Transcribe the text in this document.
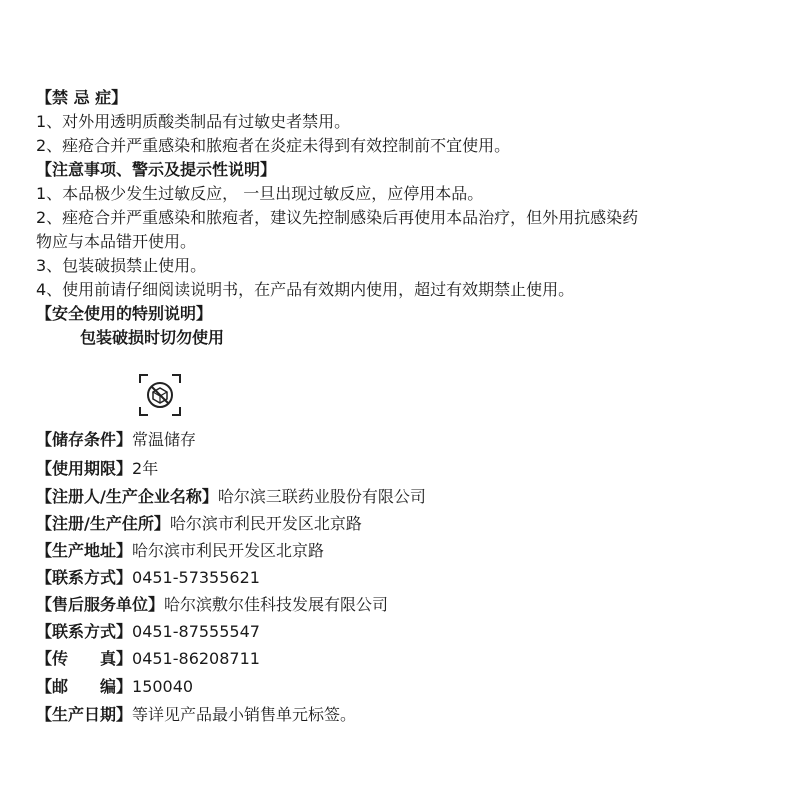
【禁 忌 症】
1、对外用透明质酸类制品有过敏史者禁用。
2、痤疮合并严重感染和脓疱者在炎症未得到有效控制前不宜使用。
【注意事项、警示及提示性说明】
1、本品极少发生过敏反应， 一旦出现过敏反应，应停用本品。
2、痤疮合并严重感染和脓疱者，建议先控制感染后再使用本品治疗，但外用抗感染药
物应与本品错开使用。
3、包装破损禁止使用。
4、使用前请仔细阅读说明书，在产品有效期内使用，超过有效期禁止使用。
【安全使用的特别说明】
包装破损时切勿使用
【储存条件】常温储存
【使用期限】2年
【注册人/生产企业名称】哈尔滨三联药业股份有限公司
【注册/生产住所】哈尔滨市利民开发区北京路
【生产地址】哈尔滨市利民开发区北京路
【联系方式】0451-57355621
【售后服务单位】哈尔滨敷尔佳科技发展有限公司
【联系方式】0451-87555547
【传　　真】0451-86208711
【邮　　编】150040
【生产日期】等详见产品最小销售单元标签。
